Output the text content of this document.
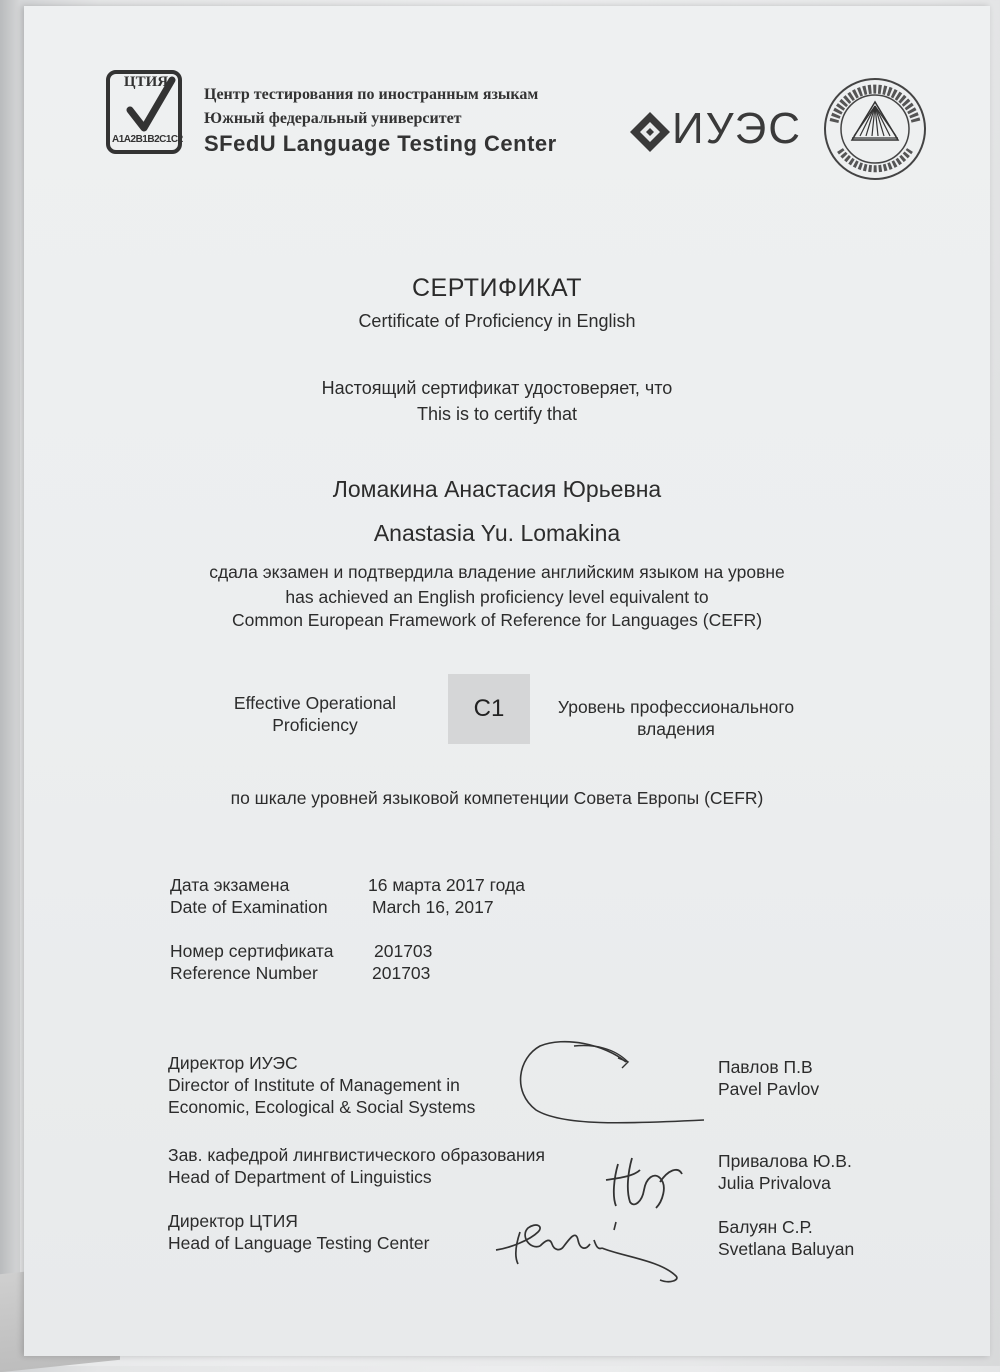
ЦТИЯ
A1A2B1B2C1C2
Центр тестирования по иностранным языкам
Южный федеральный университет
SFedU Language Testing Center	ИУЭС
СЕРТИФИКАТ
Certificate of Proficiency in English
Настоящий сертификат удостоверяет, что
This is to certify that
Ломакина Анастасия Юрьевна
Anastasia Yu. Lomakina
сдала экзамен и подтвердила владение английским языком на уровне
has achieved an English proficiency level equivalent to
Common European Framework of Reference for Languages (CEFR)
Effective Operational
Proficiency
C1	Уровень профессионального
владения
по шкале уровней языковой компетенции Совета Европы (CEFR)
Дата экзамена
Date of Examination
16 марта 2017 года
March 16, 2017
Номер сертификата
Reference Number
201703
201703
Директор ИУЭС
Director of Institute of Management in
Economic, Ecological & Social Systems
Павлов П.В
Pavel Pavlov
Зав. кафедрой лингвистического образования
Head of Department of Linguistics
Привалова Ю.В.
Julia Privalova
Директор ЦТИЯ
Head of Language Testing Center
Балуян С.Р.
Svetlana Baluyan
